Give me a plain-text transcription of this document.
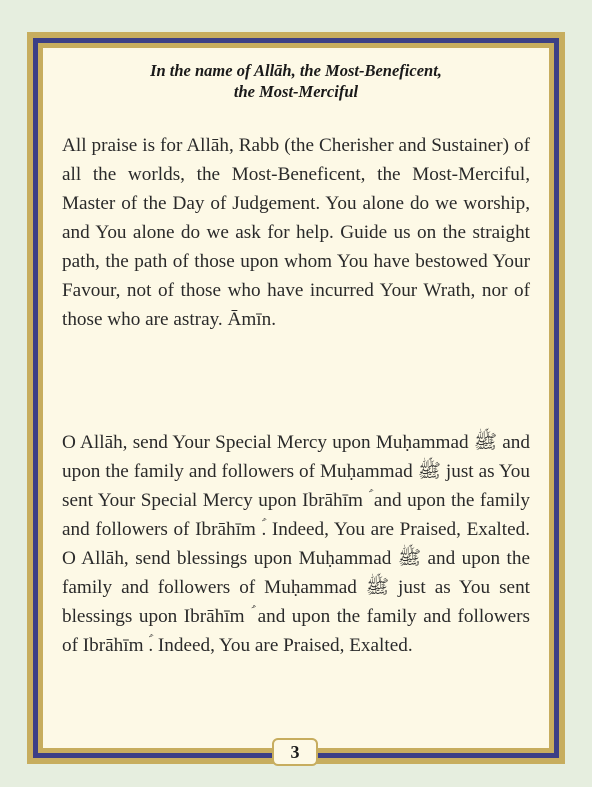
In the name of Allāh, the Most-Beneficent,
the Most-Merciful
All praise is for Allāh, Rabb (the Cherisher and Sustainer) of all the worlds, the Most-Beneficent, the Most-Merciful, Master of the Day of Judgement. You alone do we worship, and You alone do we ask for help. Guide us on the straight path, the path of those upon whom You have bestowed Your Favour, not of those who have incurred Your Wrath, nor of those who are astray. Āmīn.
O Allāh, send Your Special Mercy upon Muḥammad ﷺ and upon the family and followers of Muḥammad ﷺ just as You sent Your Special Mercy upon Ibrāhīm ؑ and upon the family and followers of Ibrāhīm ؑ. Indeed, You are Praised, Exalted. O Allāh, send blessings upon Muḥammad ﷺ and upon the family and followers of Muḥammad ﷺ just as You sent blessings upon Ibrāhīm ؑ and upon the family and followers of Ibrāhīm ؑ. Indeed, You are Praised, Exalted.
3
